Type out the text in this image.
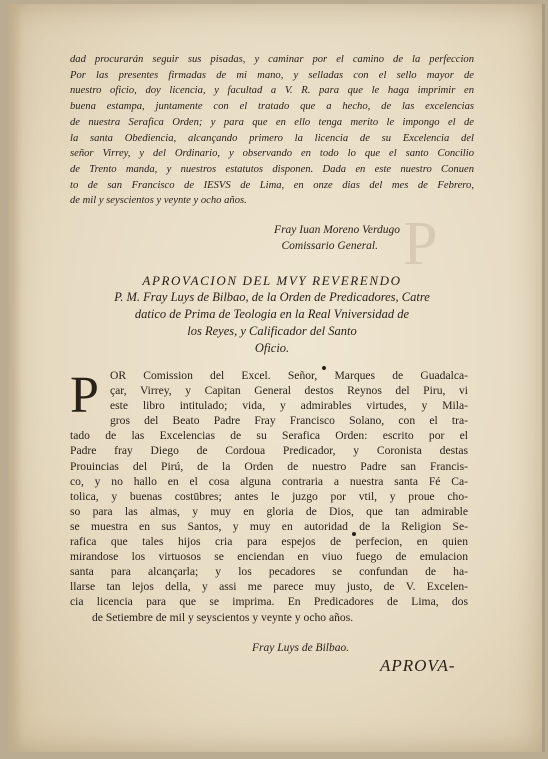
P
dad procurarán seguir sus pisadas, y caminar por el camino de la perfeccion
Por las presentes firmadas de mi mano, y selladas con el sello mayor de
nuestro oficio, doy licencia, y facultad a V. R. para que le haga imprimir en
buena estampa, juntamente con el tratado que a hecho, de las excelencias
de nuestra Serafica Orden; y para que en ello tenga merito le impongo el de
la santa Obediencia, alcançando primero la licencia de su Excelencia del
señor Virrey, y del Ordinario, y observando en todo lo que el santo Concilio
de Trento manda, y nuestros estatutos disponen. Dada en este nuestro Conuen
to de san Francisco de IESVS de Lima, en onze dias del mes de Febrero,
de mil y seyscientos y veynte y ocho años.
Fray Iuan Moreno Verdugo
Comissario General.
APROVACION DEL MVY REVERENDO
P. M. Fray Luys de Bilbao, de la Orden de Predicadores, Catre
datico de Prima de Teologia en la Real Vniversidad de
los Reyes, y Calificador del Santo
Oficio.
P OR Comission del Excel. Señor, Marques de Guadalca-
çar, Virrey, y Capitan General destos Reynos del Piru, vi
este libro intitulado; vida, y admirables virtudes, y Mila-
gros del Beato Padre Fray Francisco Solano, con el tra-
tado de las Excelencias de su Serafica Orden: escrito por el
Padre fray Diego de Cordoua Predicador, y Coronista destas
Prouincias del Pirú, de la Orden de nuestro Padre san Francis-
co, y no hallo en el cosa alguna contraria a nuestra santa Fé Ca-
tolica, y buenas costūbres; antes le juzgo por vtil, y proue cho-
so para las almas, y muy en gloria de Dios, que tan admirable
se muestra en sus Santos, y muy en autoridad de la Religion Se-
rafica que tales hijos cria para espejos de perfecion, en quien
mirandose los virtuosos se enciendan en viuo fuego de emulacion
santa para alcançarla; y los pecadores se confundan de ha-
llarse tan lejos della, y assi me parece muy justo, de V. Excelen-
cia licencia para que se imprima. En Predicadores de Lima, dos
de Setiembre de mil y seyscientos y veynte y ocho años.
Fray Luys de Bilbao.
APROVA-
